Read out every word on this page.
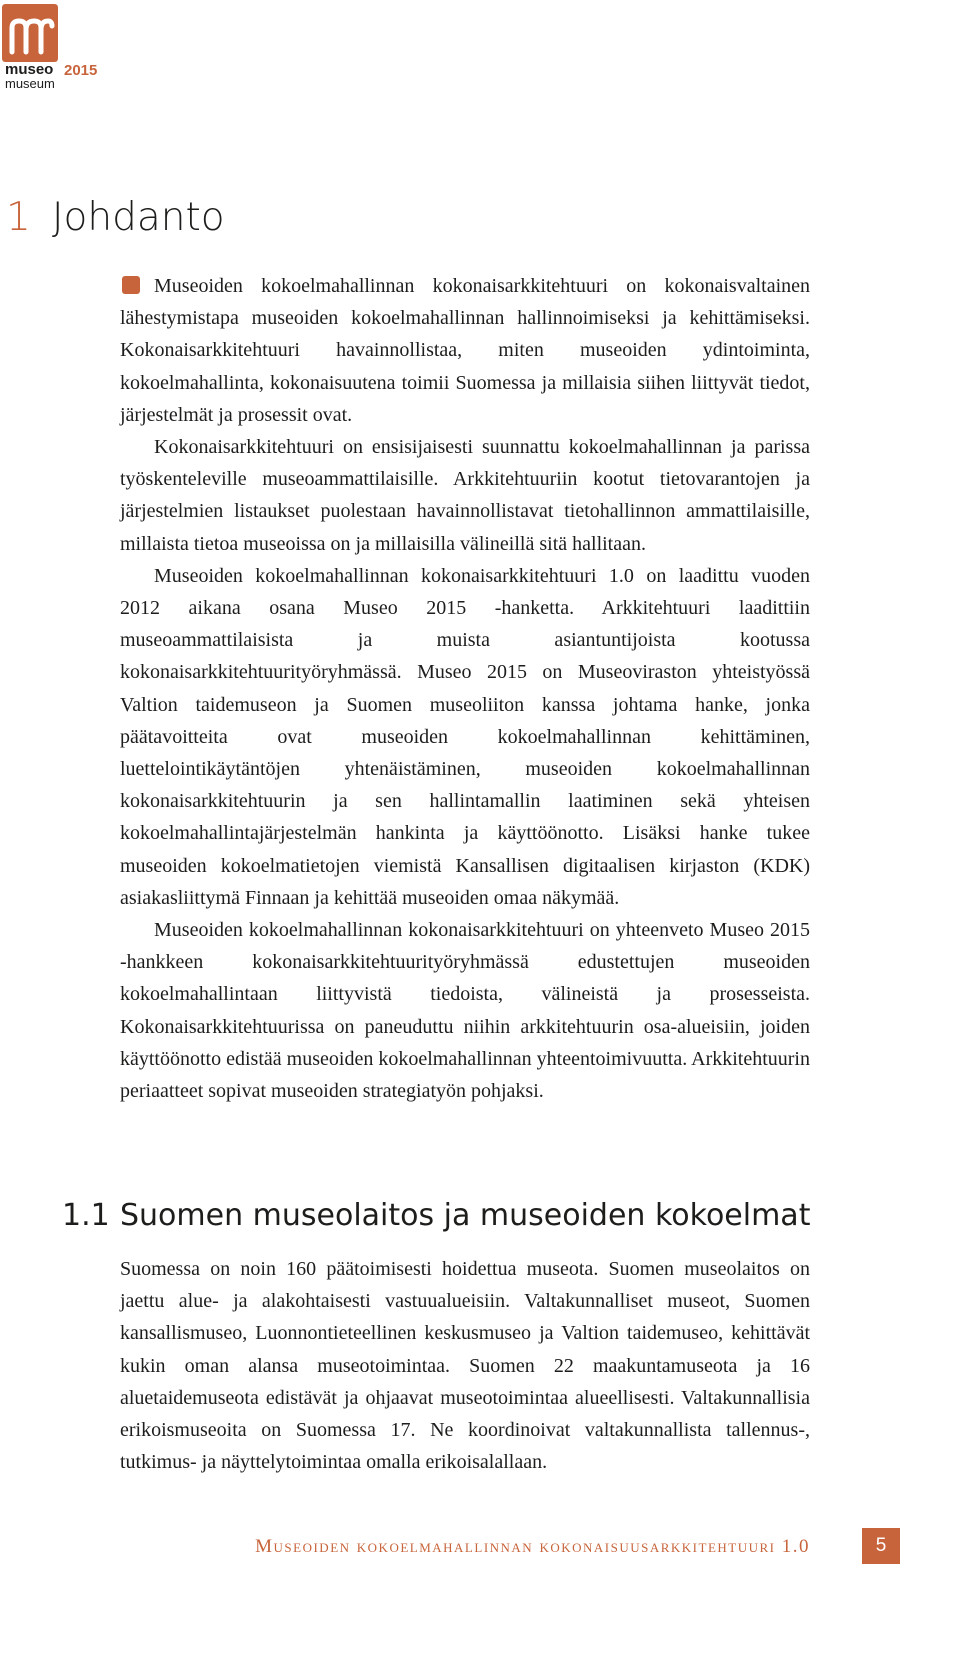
museo 2015
museum
1 Johdanto

Museoiden kokoelmahallinnan kokonaisarkkitehtuuri on kokonaisvaltainen lähestymistapa museoiden kokoelmahallinnan hallinnoimiseksi ja kehittämiseksi. Kokonaisarkkitehtuuri havainnollistaa, miten museoiden ydintoiminta, kokoelmahallinta, kokonaisuutena toimii Suomessa ja millaisia siihen liittyvät tiedot, järjestelmät ja prosessit ovat.

Kokonaisarkkitehtuuri on ensisijaisesti suunnattu kokoelmahallinnan ja parissa työskenteleville museoammattilaisille. Arkkitehtuuriin kootut tietovarantojen ja järjestelmien listaukset puolestaan havainnollistavat tietohallinnon ammattilaisille, millaista tietoa museoissa on ja millaisilla välineillä sitä hallitaan.

Museoiden kokoelmahallinnan kokonaisarkkitehtuuri 1.0 on laadittu vuoden 2012 aikana osana Museo 2015 -hanketta. Arkkitehtuuri laadittiin museoammattilaisista ja muista asiantuntijoista kootussa kokonaisarkkitehtuurityöryhmässä. Museo 2015 on Museoviraston yhteistyössä Valtion taidemuseon ja Suomen museoliiton kanssa johtama hanke, jonka päätavoitteita ovat museoiden kokoelmahallinnan kehittäminen, luettelointikäytäntöjen yhtenäistäminen, museoiden kokoelmahallinnan kokonaisarkkitehtuurin ja sen hallintamallin laatiminen sekä yhteisen kokoelmahallintajärjestelmän hankinta ja käyttöönotto. Lisäksi hanke tukee museoiden kokoelmatietojen viemistä Kansallisen digitaalisen kirjaston (KDK) asiakasliittymä Finnaan ja kehittää museoiden omaa näkymää.

Museoiden kokoelmahallinnan kokonaisarkkitehtuuri on yhteenveto Museo 2015 -hankkeen kokonaisarkkitehtuurityöryhmässä edustettujen museoiden kokoelmahallintaan liittyvistä tiedoista, välineistä ja prosesseista. Kokonaisarkkitehtuurissa on paneuduttu niihin arkkitehtuurin osa-alueisiin, joiden käyttöönotto edistää museoiden kokoelmahallinnan yhteentoimivuutta. Arkkitehtuurin periaatteet sopivat museoiden strategiatyön pohjaksi.

1.1 Suomen museolaitos ja museoiden kokoelmat

Suomessa on noin 160 päätoimisesti hoidettua museota. Suomen museolaitos on jaettu alue- ja alakohtaisesti vastuualueisiin. Valtakunnalliset museot, Suomen kansallismuseo, Luonnontieteellinen keskusmuseo ja Valtion taidemuseo, kehittävät kukin oman alansa museotoimintaa. Suomen 22 maakuntamuseota ja 16 aluetaidemuseota edistävät ja ohjaavat museotoimintaa alueellisesti. Valtakunnallisia erikoismuseoita on Suomessa 17. Ne koordinoivat valtakunnallista tallennus-, tutkimus- ja näyttelytoimintaa omalla erikoisalallaan.

Museoiden kokoelmahallinnan kokonaisuusarkkitehtuuri 1.0	5
